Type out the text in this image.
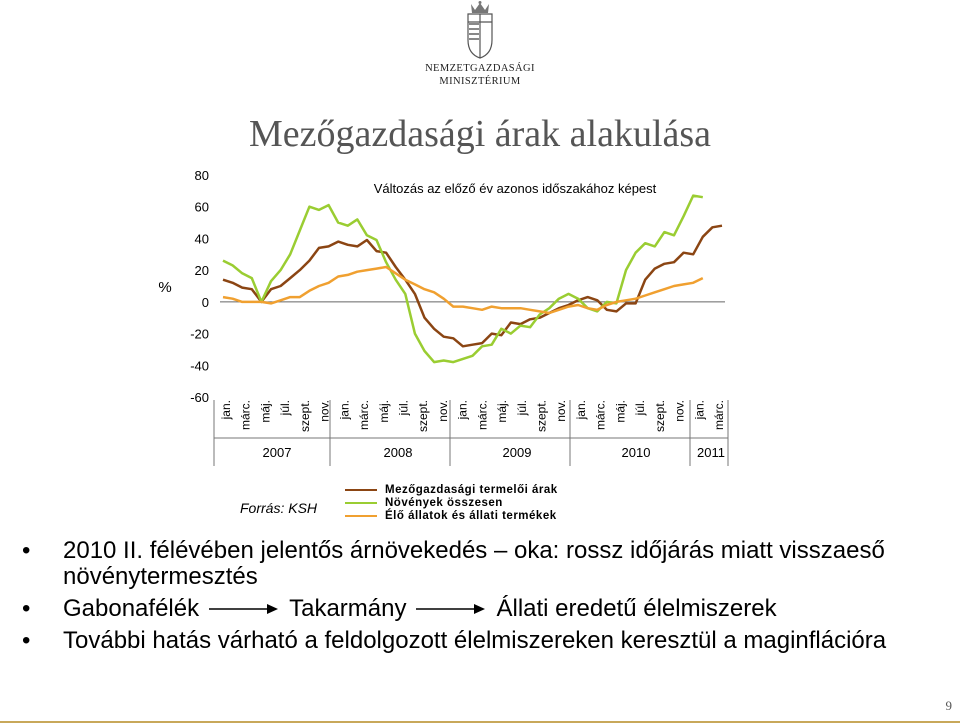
NEMZETGAZDASÁGI
MINISZTÉRIUM
Mezőgazdasági árak alakulása
80
60
40
20
0
-20
-40
-60
%
Változás az előző év azonos időszakához képest
jan. márc. máj. júl. szept. nov. jan. márc. máj. júl. szept. nov. jan. márc. máj. júl. szept. nov. jan. márc. máj. júl. szept. nov. jan. márc.
2007	2008	2009	2010	2011
Forrás: KSH
Mezőgazdasági termelői árak
Növények összesen
Élő állatok és állati termékek
•	2010 II. félévében jelentős árnövekedés – oka: rossz időjárás miatt visszaeső növénytermesztés
•	Gabonafélék	Takarmány	Állati eredetű élelmiszerek
•	További hatás várható a feldolgozott élelmiszereken keresztül a maginflációra
9
